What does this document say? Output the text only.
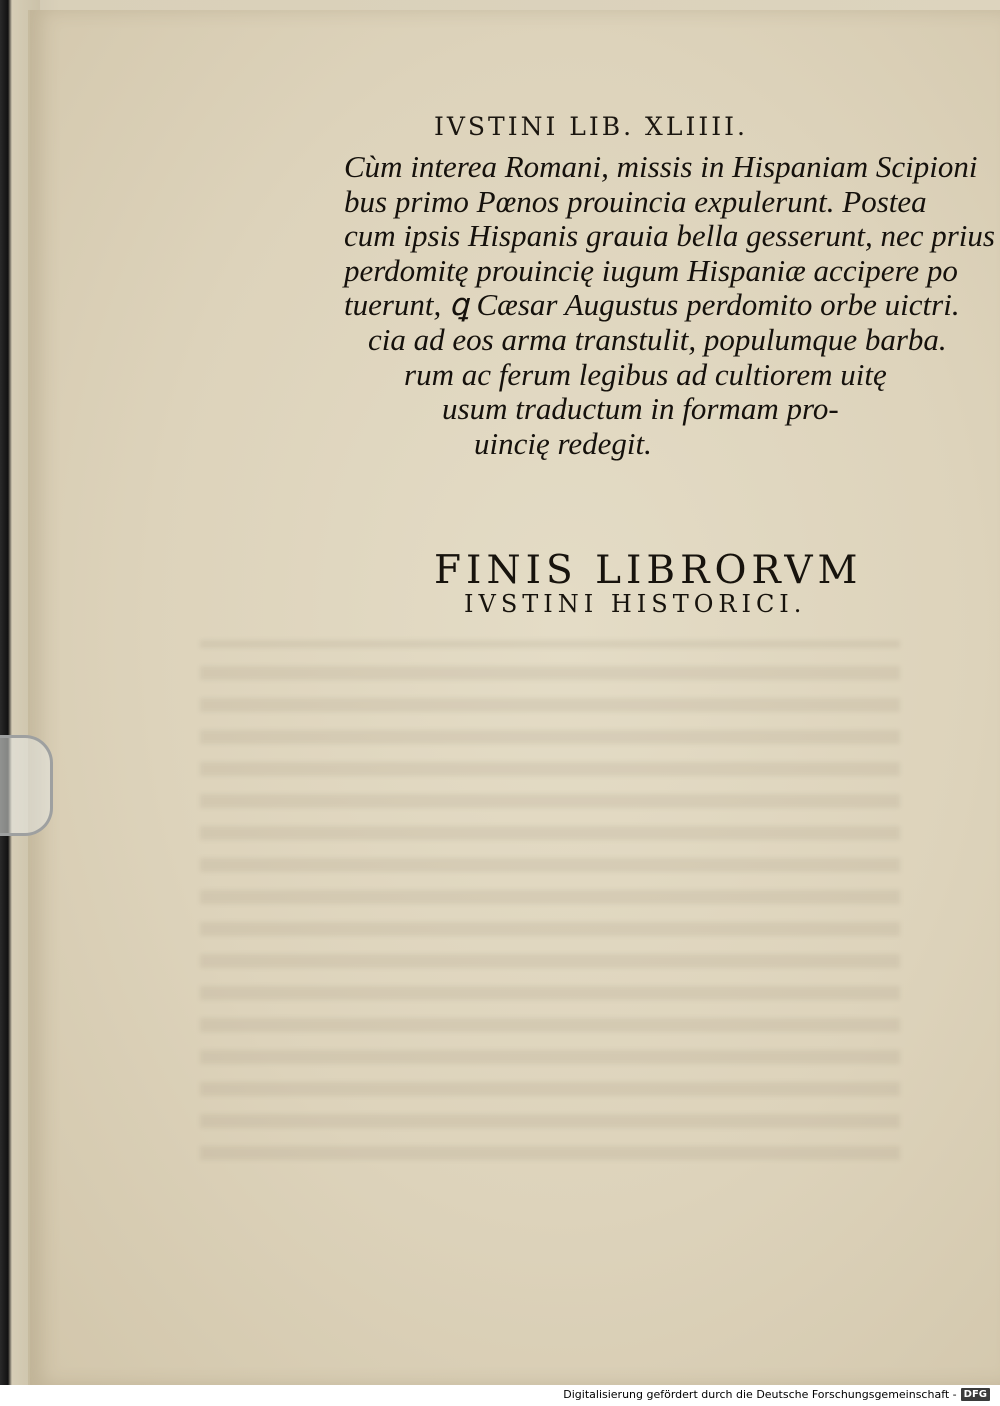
IVSTINI LIB. XLIIII.
Cùm interea Romani, missis in Hispaniam Scipioni
bus primo Pœnos prouincia expulerunt. Postea
cum ipsis Hispanis grauia bella gesserunt, nec prius
perdomitę prouincię iugum Hispaniæ accipere po
tuerunt, ꝗ Cæsar Augustus perdomito orbe uictri.
cia ad eos arma transtulit, populumque barba.
rum ac ferum legibus ad cultiorem uitę
usum traductum in formam pro-
uincię redegit.
FINIS LIBRORVM
IVSTINI HISTORICI.
Digitalisierung gefördert durch die Deutsche Forschungsgemeinschaft - DFG
